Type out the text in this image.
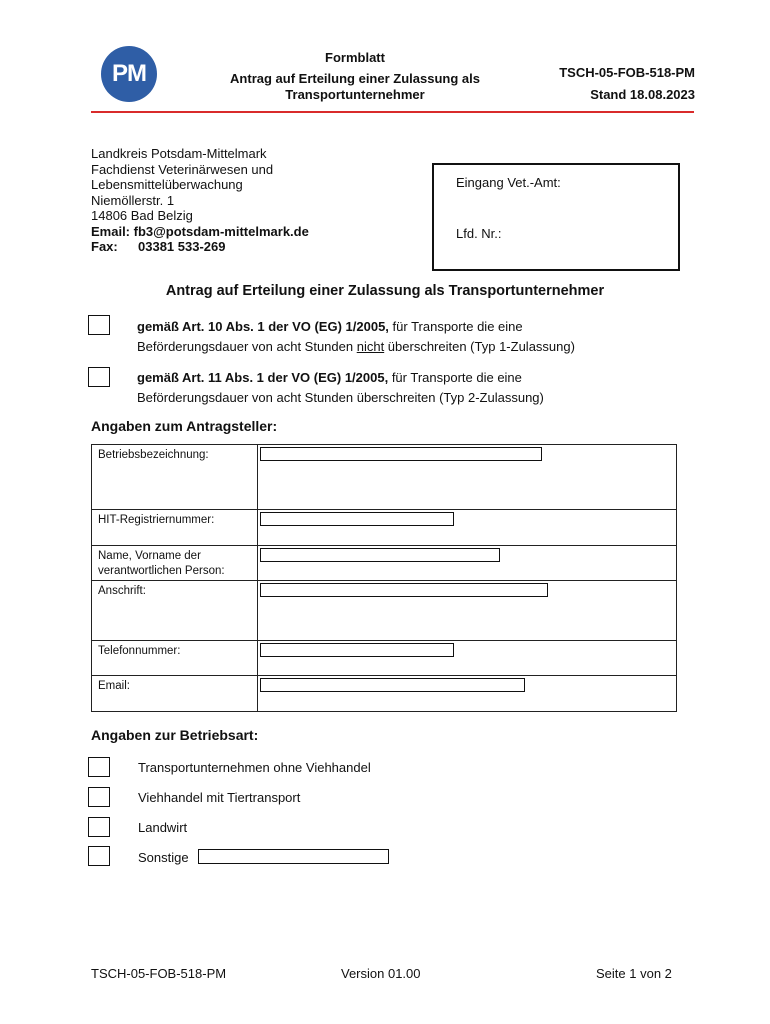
PM
Formblatt
Antrag auf Erteilung einer Zulassung als Transportunternehmer
TSCH-05-FOB-518-PM
Stand 18.08.2023
Landkreis Potsdam-Mittelmark
Fachdienst Veterinärwesen und
Lebensmittelüberwachung
Niemöllerstr. 1
14806 Bad Belzig
Email: fb3@potsdam-mittelmark.de
Fax: 03381 533-269
Eingang Vet.-Amt:
Lfd. Nr.:
Antrag auf Erteilung einer Zulassung als Transportunternehmer
gemäß Art. 10 Abs. 1 der VO (EG) 1/2005, für Transporte die eine
Beförderungsdauer von acht Stunden nicht überschreiten (Typ 1-Zulassung)
gemäß Art. 11 Abs. 1 der VO (EG) 1/2005, für Transporte die eine
Beförderungsdauer von acht Stunden überschreiten (Typ 2-Zulassung)
Angaben zum Antragsteller:
Betriebsbezeichnung:
HIT-Registriernummer:
Name, Vorname der verantwortlichen Person:
Anschrift:
Telefonnummer:
Email:
Angaben zur Betriebsart:
Transportunternehmen ohne Viehhandel
Viehhandel mit Tiertransport
Landwirt
Sonstige
TSCH-05-FOB-518-PM	Version 01.00	Seite 1 von 2
